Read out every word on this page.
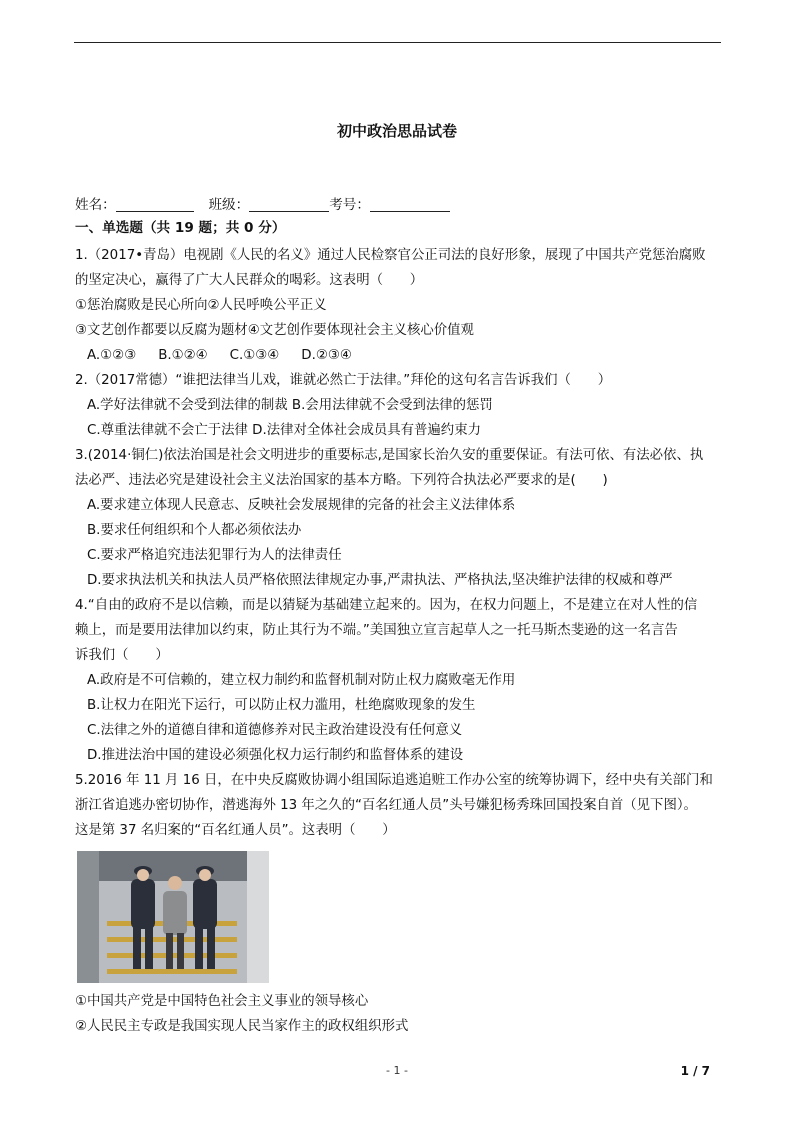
初中政治思品试卷
姓名：	班级：	考号：
一、单选题（共 19 题；共 0 分）
1.（2017•青岛）电视剧《人民的名义》通过人民检察官公正司法的良好形象，展现了中国共产党惩治腐败
的坚定决心，赢得了广大人民群众的喝彩。这表明（　　）
①惩治腐败是民心所向②人民呼唤公平正义
③文艺创作都要以反腐为题材④文艺创作要体现社会主义核心价值观
A.①②③ B.①②④ C.①③④ D.②③④
2.（2017常德）“谁把法律当儿戏，谁就必然亡于法律。”拜伦的这句名言告诉我们（　　）
A.学好法律就不会受到法律的制裁 B.会用法律就不会受到法律的惩罚
C.尊重法律就不会亡于法律 D.法律对全体社会成员具有普遍约束力
3.(2014·铜仁)依法治国是社会文明进步的重要标志,是国家长治久安的重要保证。有法可依、有法必依、执
法必严、违法必究是建设社会主义法治国家的基本方略。下列符合执法必严要求的是(　　)
A.要求建立体现人民意志、反映社会发展规律的完备的社会主义法律体系
B.要求任何组织和个人都必须依法办
C.要求严格追究违法犯罪行为人的法律责任
D.要求执法机关和执法人员严格依照法律规定办事,严肃执法、严格执法,坚决维护法律的权威和尊严
4.“自由的政府不是以信赖，而是以猜疑为基础建立起来的。因为，在权力问题上，不是建立在对人性的信
赖上，而是要用法律加以约束，防止其行为不端。”美国独立宣言起草人之一托马斯杰斐逊的这一名言告
诉我们（　　）
A.政府是不可信赖的，建立权力制约和监督机制对防止权力腐败毫无作用
B.让权力在阳光下运行，可以防止权力滥用，杜绝腐败现象的发生
C.法律之外的道德自律和道德修养对民主政治建设没有任何意义
D.推进法治中国的建设必须强化权力运行制约和监督体系的建设
5.2016 年 11 月 16 日，在中央反腐败协调小组国际追逃追赃工作办公室的统筹协调下，经中央有关部门和
浙江省追逃办密切协作，潜逃海外 13 年之久的“百名红通人员”头号嫌犯杨秀珠回国投案自首（见下图）。
这是第 37 名归案的“百名红通人员”。这表明（　　）
①中国共产党是中国特色社会主义事业的领导核心
②人民民主专政是我国实现人民当家作主的政权组织形式
- 1 -	1 / 7
